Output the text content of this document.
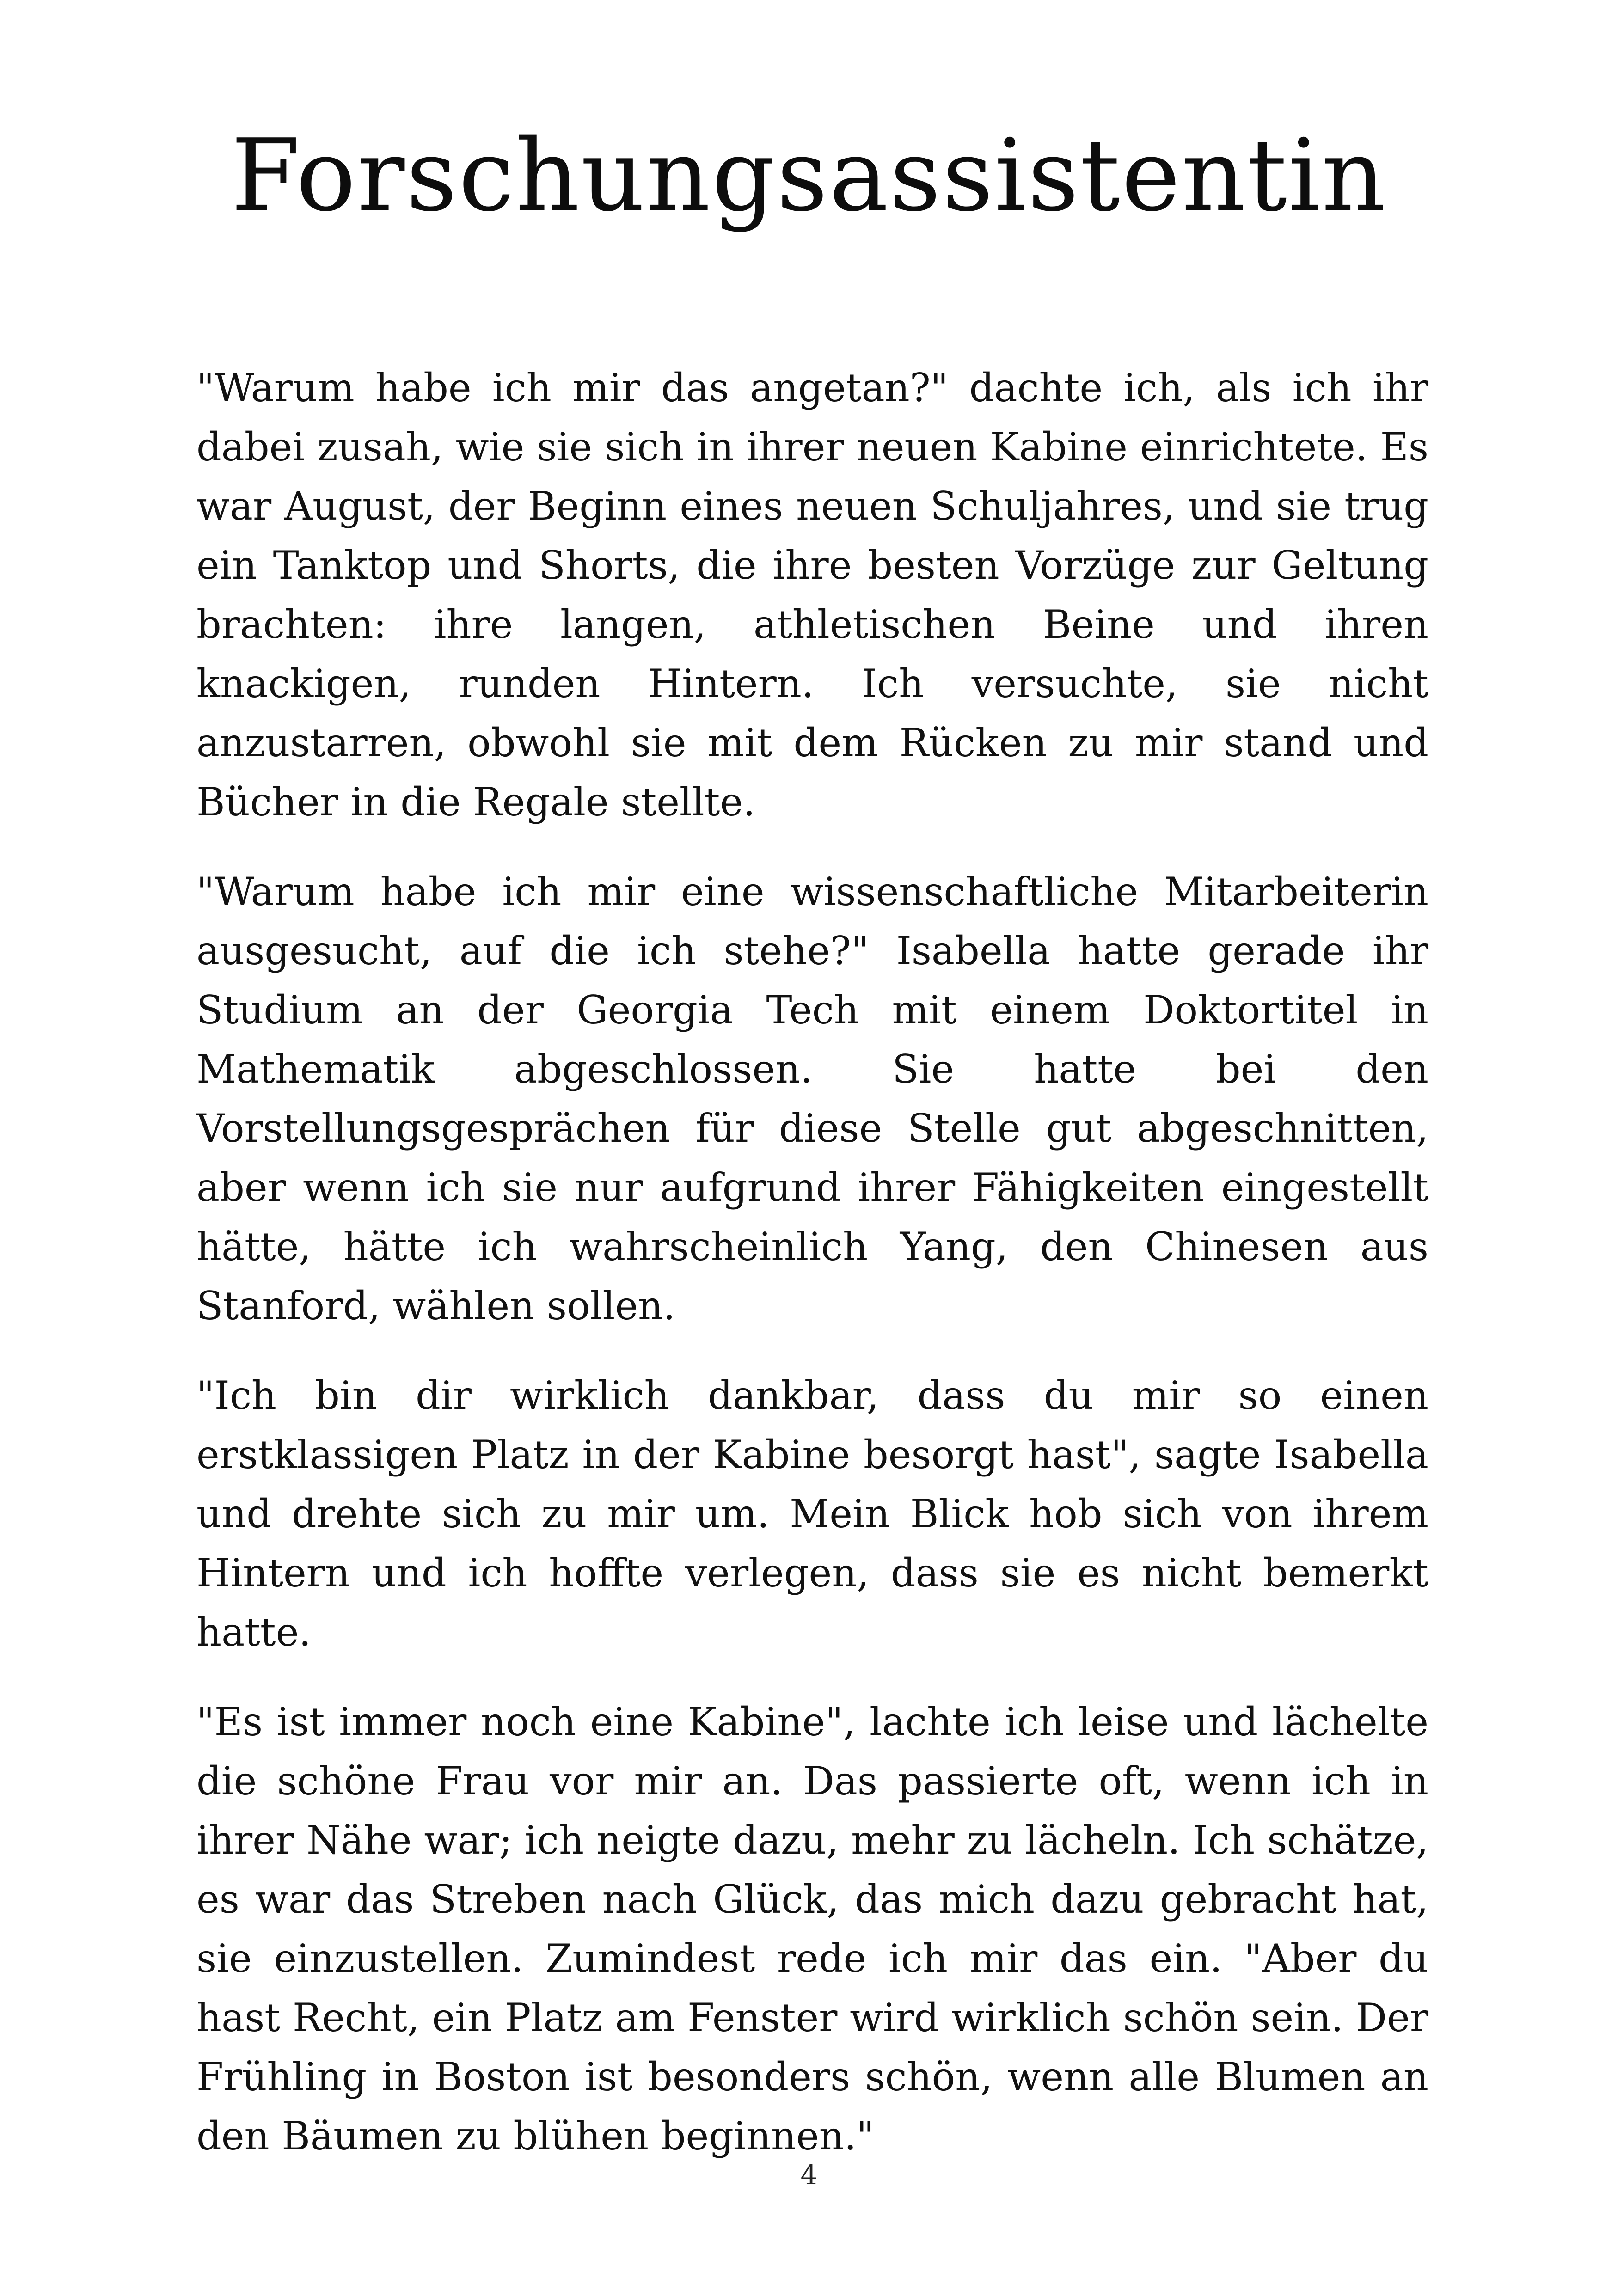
Forschungsassistentin

"Warum habe ich mir das angetan?" dachte ich, als ich ihr dabei zusah, wie sie sich in ihrer neuen Kabine einrichtete. Es war August, der Beginn eines neuen Schuljahres, und sie trug ein Tanktop und Shorts, die ihre besten Vorzüge zur Geltung brachten: ihre langen, athletischen Beine und ihren knackigen, runden Hintern. Ich versuchte, sie nicht anzustarren, obwohl sie mit dem Rücken zu mir stand und Bücher in die Regale stellte.

"Warum habe ich mir eine wissenschaftliche Mitarbeiterin ausgesucht, auf die ich stehe?" Isabella hatte gerade ihr Studium an der Georgia Tech mit einem Doktortitel in Mathematik abgeschlossen. Sie hatte bei den Vorstellungsgesprächen für diese Stelle gut abgeschnitten, aber wenn ich sie nur aufgrund ihrer Fähigkeiten eingestellt hätte, hätte ich wahrscheinlich Yang, den Chinesen aus Stanford, wählen sollen.

"Ich bin dir wirklich dankbar, dass du mir so einen erstklassigen Platz in der Kabine besorgt hast", sagte Isabella und drehte sich zu mir um. Mein Blick hob sich von ihrem Hintern und ich hoffte verlegen, dass sie es nicht bemerkt hatte.

"Es ist immer noch eine Kabine", lachte ich leise und lächelte die schöne Frau vor mir an. Das passierte oft, wenn ich in ihrer Nähe war; ich neigte dazu, mehr zu lächeln. Ich schätze, es war das Streben nach Glück, das mich dazu gebracht hat, sie einzustellen. Zumindest rede ich mir das ein. "Aber du hast Recht, ein Platz am Fenster wird wirklich schön sein. Der Frühling in Boston ist besonders schön, wenn alle Blumen an den Bäumen zu blühen beginnen."

4
